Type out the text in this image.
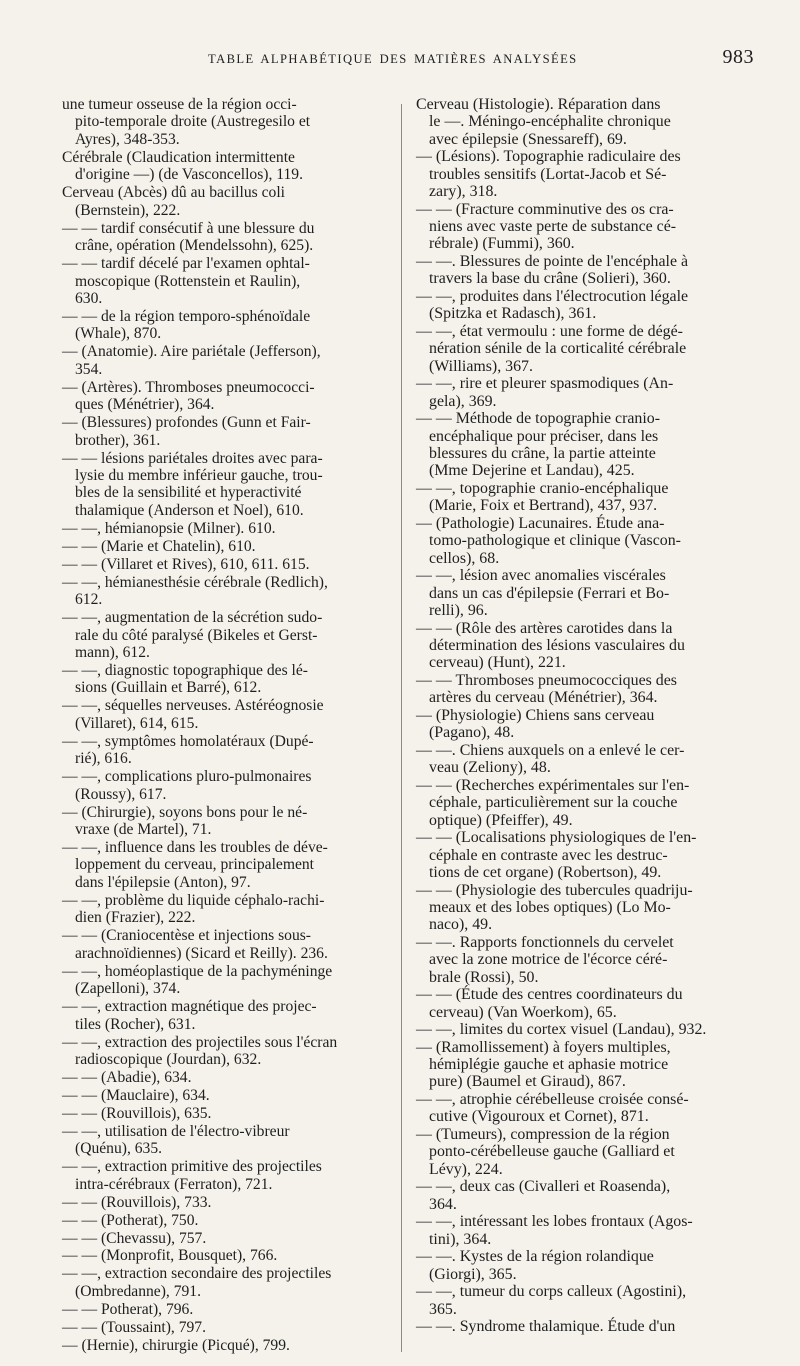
TABLE ALPHABÉTIQUE DES MATIÈRES ANALYSÉES	983

une tumeur osseuse de la région occi-
pito-temporale droite (Austregesilo et
Ayres), 348-353.

Cérébrale (Claudication intermittente
d'origine —) (de Vasconcellos), 119.

Cerveau (Abcès) dû au bacillus coli
(Bernstein), 222.

— — tardif consécutif à une blessure du
crâne, opération (Mendelssohn), 625).

— — tardif décelé par l'examen ophtal-
moscopique (Rottenstein et Raulin),
630.

— — de la région temporo-sphénoïdale
(Whale), 870.

— (Anatomie). Aire pariétale (Jefferson),
354.

— (Artères). Thromboses pneumococci-
ques (Ménétrier), 364.

— (Blessures) profondes (Gunn et Fair-
brother), 361.

— — lésions pariétales droites avec para-
lysie du membre inférieur gauche, trou-
bles de la sensibilité et hyperactivité
thalamique (Anderson et Noel), 610.

— —, hémianopsie (Milner). 610.

— — (Marie et Chatelin), 610.

— — (Villaret et Rives), 610, 611. 615.

— —, hémianesthésie cérébrale (Redlich),
612.

— —, augmentation de la sécrétion sudo-
rale du côté paralysé (Bikeles et Gerst-
mann), 612.

— —, diagnostic topographique des lé-
sions (Guillain et Barré), 612.

— —, séquelles nerveuses. Astéréognosie
(Villaret), 614, 615.

— —, symptômes homolatéraux (Dupé-
rié), 616.

— —, complications pluro-pulmonaires
(Roussy), 617.

— (Chirurgie), soyons bons pour le né-
vraxe (de Martel), 71.

— —, influence dans les troubles de déve-
loppement du cerveau, principalement
dans l'épilepsie (Anton), 97.

— —, problème du liquide céphalo-rachi-
dien (Frazier), 222.

— — (Craniocentèse et injections sous-
arachnoïdiennes) (Sicard et Reilly). 236.

— —, homéoplastique de la pachyméninge
(Zapelloni), 374.

— —, extraction magnétique des projec-
tiles (Rocher), 631.

— —, extraction des projectiles sous l'écran
radioscopique (Jourdan), 632.

— — (Abadie), 634.

— — (Mauclaire), 634.

— — (Rouvillois), 635.

— —, utilisation de l'électro-vibreur
(Quénu), 635.

— —, extraction primitive des projectiles
intra-cérébraux (Ferraton), 721.

— — (Rouvillois), 733.

— — (Potherat), 750.

— — (Chevassu), 757.

— — (Monprofit, Bousquet), 766.

— —, extraction secondaire des projectiles
(Ombredanne), 791.

— — Potherat), 796.

— — (Toussaint), 797.

— (Hernie), chirurgie (Picqué), 799.

Cerveau (Histologie). Réparation dans
le —. Méningo-encéphalite chronique
avec épilepsie (Snessareff), 69.

— (Lésions). Topographie radiculaire des
troubles sensitifs (Lortat-Jacob et Sé-
zary), 318.

— — (Fracture comminutive des os cra-
niens avec vaste perte de substance cé-
rébrale) (Fummi), 360.

— —. Blessures de pointe de l'encéphale à
travers la base du crâne (Solieri), 360.

— —, produites dans l'électrocution légale
(Spitzka et Radasch), 361.

— —, état vermoulu : une forme de dégé-
nération sénile de la corticalité cérébrale
(Williams), 367.

— —, rire et pleurer spasmodiques (An-
gela), 369.

— — Méthode de topographie cranio-
encéphalique pour préciser, dans les
blessures du crâne, la partie atteinte
(Mme Dejerine et Landau), 425.

— —, topographie cranio-encéphalique
(Marie, Foix et Bertrand), 437, 937.

— (Pathologie) Lacunaires. Étude ana-
tomo-pathologique et clinique (Vascon-
cellos), 68.

— —, lésion avec anomalies viscérales
dans un cas d'épilepsie (Ferrari et Bo-
relli), 96.

— — (Rôle des artères carotides dans la
détermination des lésions vasculaires du
cerveau) (Hunt), 221.

— — Thromboses pneumococciques des
artères du cerveau (Ménétrier), 364.

— (Physiologie) Chiens sans cerveau
(Pagano), 48.

— —. Chiens auxquels on a enlevé le cer-
veau (Zeliony), 48.

— — (Recherches expérimentales sur l'en-
céphale, particulièrement sur la couche
optique) (Pfeiffer), 49.

— — (Localisations physiologiques de l'en-
céphale en contraste avec les destruc-
tions de cet organe) (Robertson), 49.

— — (Physiologie des tubercules quadriju-
meaux et des lobes optiques) (Lo Mo-
naco), 49.

— —. Rapports fonctionnels du cervelet
avec la zone motrice de l'écorce céré-
brale (Rossi), 50.

— — (Étude des centres coordinateurs du
cerveau) (Van Woerkom), 65.

— —, limites du cortex visuel (Landau), 932.

— (Ramollissement) à foyers multiples,
hémiplégie gauche et aphasie motrice
pure) (Baumel et Giraud), 867.

— —, atrophie cérébelleuse croisée consé-
cutive (Vigouroux et Cornet), 871.

— (Tumeurs), compression de la région
ponto-cérébelleuse gauche (Galliard et
Lévy), 224.

— —, deux cas (Civalleri et Roasenda),
364.

— —, intéressant les lobes frontaux (Agos-
tini), 364.

— —. Kystes de la région rolandique
(Giorgi), 365.

— —, tumeur du corps calleux (Agostini),
365.

— —. Syndrome thalamique. Étude d'un
